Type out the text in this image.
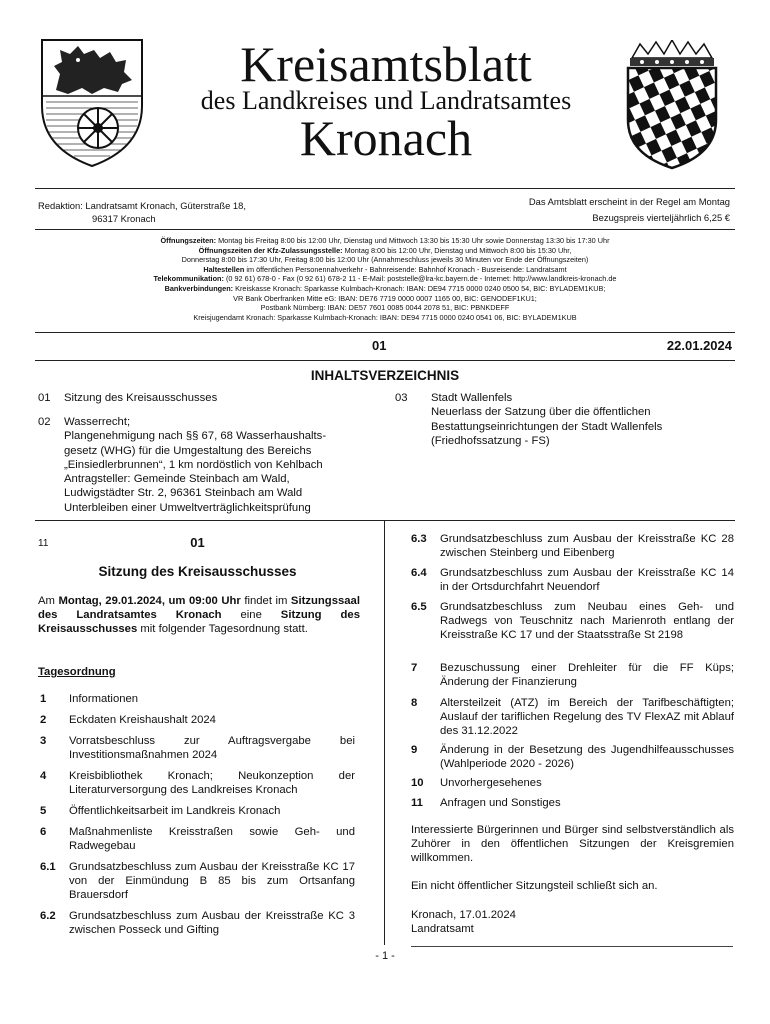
Kreisamtsblatt
des Landkreises und Landratsamtes
Kronach
Redaktion: Landratsamt Kronach, Güterstraße 18,
96317 Kronach
Das Amtsblatt erscheint in der Regel am Montag
Bezugspreis vierteljährlich 6,25 €
Öffnungszeiten: Montag bis Freitag 8:00 bis 12:00 Uhr, Dienstag und Mittwoch 13:30 bis 15:30 Uhr sowie Donnerstag 13:30 bis 17:30 Uhr
Öffnungszeiten der Kfz-Zulassungsstelle: Montag 8:00 bis 12:00 Uhr, Dienstag und Mittwoch 8:00 bis 15:30 Uhr,
Donnerstag 8:00 bis 17:30 Uhr, Freitag 8:00 bis 12:00 Uhr (Annahmeschluss jeweils 30 Minuten vor Ende der Öffnungszeiten)
Haltestellen im öffentlichen Personennahverkehr - Bahnreisende: Bahnhof Kronach - Busreisende: Landratsamt
Telekommunikation: (0 92 61) 678-0 - Fax (0 92 61) 678-2 11 - E-Mail: poststelle@lra-kc.bayern.de - Internet: http://www.landkreis-kronach.de
Bankverbindungen: Kreiskasse Kronach: Sparkasse Kulmbach-Kronach: IBAN: DE94 7715 0000 0240 0500 54, BIC: BYLADEM1KUB;
VR Bank Oberfranken Mitte eG: IBAN: DE76 7719 0000 0007 1165 00, BIC: GENODEF1KU1;
Postbank Nürnberg: IBAN: DE57 7601 0085 0044 2078 51, BIC: PBNKDEFF
Kreisjugendamt Kronach: Sparkasse Kulmbach-Kronach: IBAN: DE94 7715 0000 0240 0541 06, BIC: BYLADEM1KUB
01	22.01.2024
INHALTSVERZEICHNIS
01 Sitzung des Kreisausschusses
02 Wasserrecht;
Plangenehmigung nach §§ 67, 68 Wasserhaushalts-
gesetz (WHG) für die Umgestaltung des Bereichs
„Einsiedlerbrunnen“, 1 km nordöstlich von Kehlbach
Antragsteller: Gemeinde Steinbach am Wald,
Ludwigstädter Str. 2, 96361 Steinbach am Wald
Unterbleiben einer Umweltverträglichkeitsprüfung
03 Stadt Wallenfels
Neuerlass der Satzung über die öffentlichen
Bestattungseinrichtungen der Stadt Wallenfels
(Friedhofssatzung - FS)
11	01
Sitzung des Kreisausschusses
Am Montag, 29.01.2024, um 09:00 Uhr findet im Sitzungssaal des Landratsamtes Kronach eine Sitzung des Kreisausschusses mit folgender Tagesordnung statt.
Tagesordnung
1 Informationen
2 Eckdaten Kreishaushalt 2024
3 Vorratsbeschluss zur Auftragsvergabe bei Investitionsmaßnahmen 2024
4 Kreisbibliothek Kronach; Neukonzeption der Literaturversorgung des Landkreises Kronach
5 Öffentlichkeitsarbeit im Landkreis Kronach
6 Maßnahmenliste Kreisstraßen sowie Geh- und Radwegebau
6.1 Grundsatzbeschluss zum Ausbau der Kreisstraße KC 17 von der Einmündung B 85 bis zum Ortsanfang Brauersdorf
6.2 Grundsatzbeschluss zum Ausbau der Kreisstraße KC 3 zwischen Posseck und Gifting
6.3 Grundsatzbeschluss zum Ausbau der Kreisstraße KC 28 zwischen Steinberg und Eibenberg
6.4 Grundsatzbeschluss zum Ausbau der Kreisstraße KC 14 in der Ortsdurchfahrt Neuendorf
6.5 Grundsatzbeschluss zum Neubau eines Geh- und Radwegs von Teuschnitz nach Marienroth entlang der Kreisstraße KC 17 und der Staatsstraße St 2198
7 Bezuschussung einer Drehleiter für die FF Küps; Änderung der Finanzierung
8 Altersteilzeit (ATZ) im Bereich der Tarifbeschäftigten; Auslauf der tariflichen Regelung des TV FlexAZ mit Ablauf des 31.12.2022
9 Änderung in der Besetzung des Jugendhilfeausschusses (Wahlperiode 2020 - 2026)
10 Unvorhergesehenes
11 Anfragen und Sonstiges
Interessierte Bürgerinnen und Bürger sind selbstverständlich als Zuhörer in den öffentlichen Sitzungen der Kreisgremien willkommen.
Ein nicht öffentlicher Sitzungsteil schließt sich an.
Kronach, 17.01.2024
Landratsamt
- 1 -
